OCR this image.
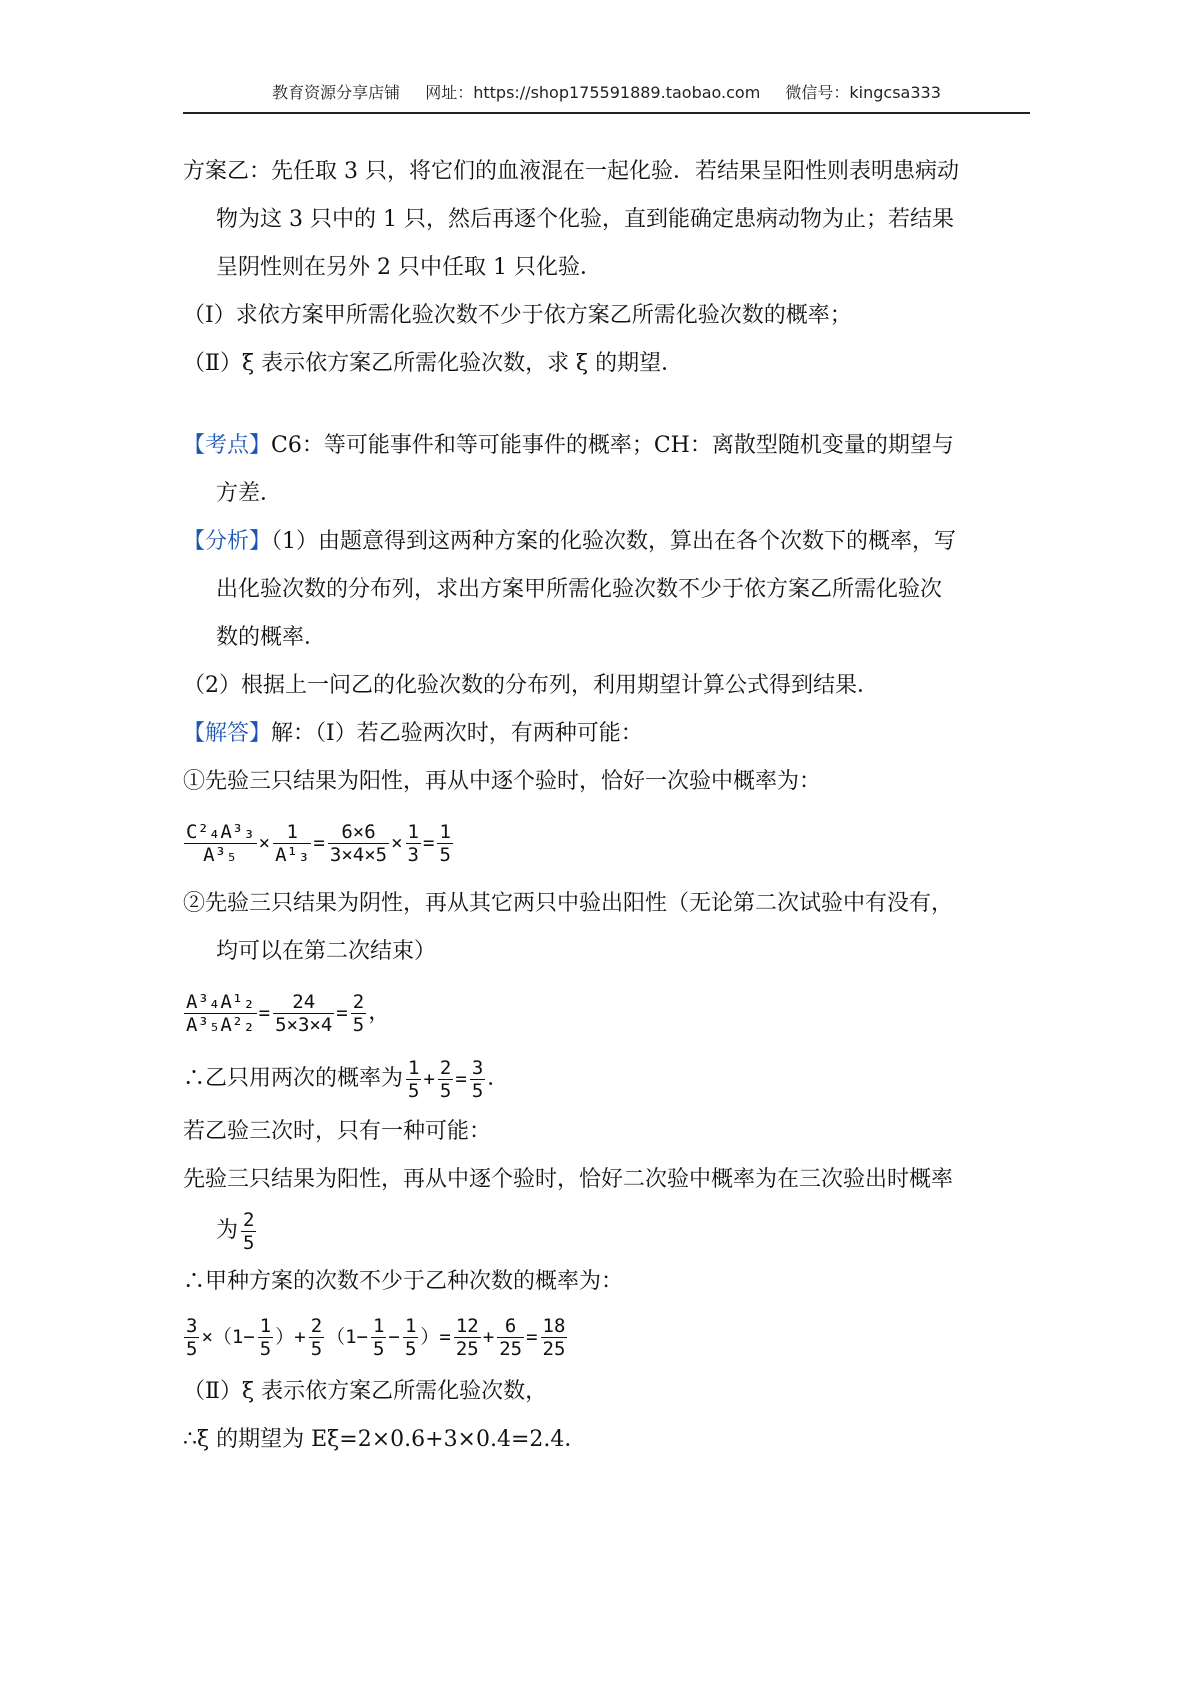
教育资源分享店铺 网址：https://shop175591889.taobao.com 微信号：kingcsa333

方案乙：先任取 3 只，将它们的血液混在一起化验．若结果呈阳性则表明患病动

物为这 3 只中的 1 只，然后再逐个化验，直到能确定患病动物为止；若结果

呈阴性则在另外 2 只中任取 1 只化验．

（Ⅰ）求依方案甲所需化验次数不少于依方案乙所需化验次数的概率；

（Ⅱ）ξ 表示依方案乙所需化验次数，求 ξ 的期望．

【考点】C6：等可能事件和等可能事件的概率；CH：离散型随机变量的期望与

方差．

【分析】（1）由题意得到这两种方案的化验次数，算出在各个次数下的概率，写

出化验次数的分布列，求出方案甲所需化验次数不少于依方案乙所需化验次

数的概率．

（2）根据上一问乙的化验次数的分布列，利用期望计算公式得到结果．

【解答】解：（Ⅰ）若乙验两次时，有两种可能：

①先验三只结果为阳性，再从中逐个验时，恰好一次验中概率为：

$\frac{\text{C²₄A³₃}}{\text{A³₅}} \times \frac{1}{\text{A¹₃}} = \frac{6\times 6}{3\times 4\times 5} \times \frac{1}{3} = \frac{1}{5}$

②先验三只结果为阴性，再从其它两只中验出阳性（无论第二次试验中有没有，

均可以在第二次结束）

$\frac{\text{A³₄A¹₂}}{\text{A³₅A²₂}} = \frac{24}{5\times 3\times 4} = \frac{2}{5}$ ，
∴乙只用两次的概率为 $\frac{1}{5} + \frac{2}{5} = \frac{3}{5}$ ．

若乙验三次时，只有一种可能：

先验三只结果为阳性，再从中逐个验时，恰好二次验中概率为在三次验出时概率

为 $\frac{2}{5}$

∴甲种方案的次数不少于乙种次数的概率为：

$\frac{3}{5} \times(1- \frac{1}{5}$ ）+ $\frac{2}{5} (1- \frac{1}{5} - \frac{1}{5}$ ）= $\frac{12}{25} + \frac{6}{25} = \frac{18}{25}$

（Ⅱ）ξ 表示依方案乙所需化验次数，

∴ξ 的期望为 Eξ=2×0.6+3×0.4=2.4．
